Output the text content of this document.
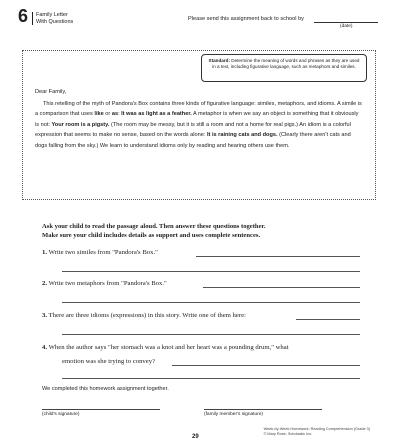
6 Family Letter
With Questions	Please send this assignment back to school by
(date)
Standard: Determine the meaning of words and phrases as they are used in a text, including figurative language, such as metaphors and similes.

Dear Family,

This retelling of the myth of Pandora's Box contains three kinds of figurative language: similes, metaphors, and idioms. A simile is a comparison that uses like or as: It was as light as a feather. A metaphor is when we say an object is something that it obviously is not: Your room is a pigsty. (The room may be messy, but it is still a room and not a home for real pigs.) An idiom is a colorful expression that seems to make no sense, based on the words alone: It is raining cats and dogs. (Clearly there aren't cats and dogs falling from the sky.) We learn to understand idioms only by reading and hearing others use them.

Ask your child to read the passage aloud. Then answer these questions together.
Make sure your child includes details as support and uses complete sentences.
1. Write two similes from "Pandora's Box."
2. Write two metaphors from "Pandora's Box."
3. There are three idioms (expressions) in this story. Write one of them here:
4. When the author says "her stomach was a knot and her heart was a pounding drum," what
emotion was she trying to convey?
We completed this homework assignment together.
(child's signature)	(family member's signature)
29
Week-by-Week Homework: Reading Comprehension (Grade 3)
© Mary Rose, Scholastic Inc.
